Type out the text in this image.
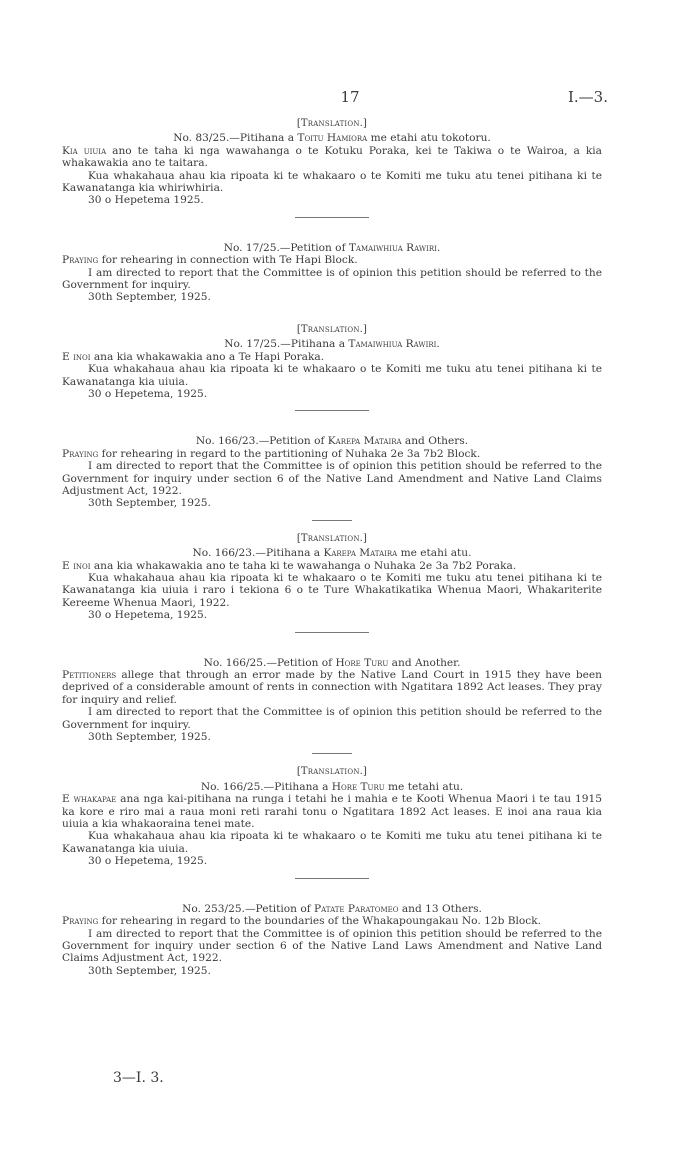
17	I.—3.
[Translation.]
No. 83/25.—Pitihana a Toitu Hamiora me etahi atu tokotoru.
Kia uiuia ano te taha ki nga wawahanga o te Kotuku Poraka, kei te Takiwa o te Wairoa, a kia whakawakia ano te taitara.
Kua whakahaua ahau kia ripoata ki te whakaaro o te Komiti me tuku atu tenei pitihana ki te Kawanatanga kia whiriwhiria.
30 o Hepetema 1925.
No. 17/25.—Petition of Tamaiwhiua Rawiri.
Praying for rehearing in connection with Te Hapi Block.
I am directed to report that the Committee is of opinion this petition should be referred to the Government for inquiry.
30th September, 1925.
[Translation.]
No. 17/25.—Pitihana a Tamaiwhiua Rawiri.
E inoi ana kia whakawakia ano a Te Hapi Poraka.
Kua whakahaua ahau kia ripoata ki te whakaaro o te Komiti me tuku atu tenei pitihana ki te Kawanatanga kia uiuia.
30 o Hepetema, 1925.
No. 166/23.—Petition of Karepa Mataira and Others.
Praying for rehearing in regard to the partitioning of Nuhaka 2e 3a 7b2 Block.
I am directed to report that the Committee is of opinion this petition should be referred to the Government for inquiry under section 6 of the Native Land Amendment and Native Land Claims Adjustment Act, 1922.
30th September, 1925.
[Translation.]
No. 166/23.—Pitihana a Karepa Mataira me etahi atu.
E inoi ana kia whakawakia ano te taha ki te wawahanga o Nuhaka 2e 3a 7b2 Poraka.
Kua whakahaua ahau kia ripoata ki te whakaaro o te Komiti me tuku atu tenei pitihana ki te Kawanatanga kia uiuia i raro i tekiona 6 o te Ture Whakatikatika Whenua Maori, Whakariterite Kereeme Whenua Maori, 1922.
30 o Hepetema, 1925.
No. 166/25.—Petition of Hore Turu and Another.
Petitioners allege that through an error made by the Native Land Court in 1915 they have been deprived of a considerable amount of rents in connection with Ngatitara 1892 Act leases. They pray for inquiry and relief.
I am directed to report that the Committee is of opinion this petition should be referred to the Government for inquiry.
30th September, 1925.
[Translation.]
No. 166/25.—Pitihana a Hore Turu me tetahi atu.
E whakapae ana nga kai-pitihana na runga i tetahi he i mahia e te Kooti Whenua Maori i te tau 1915 ka kore e riro mai a raua moni reti rarahi tonu o Ngatitara 1892 Act leases. E inoi ana raua kia uiuia a kia whakaoraina tenei mate.
Kua whakahaua ahau kia ripoata ki te whakaaro o te Komiti me tuku atu tenei pitihana ki te Kawanatanga kia uiuia.
30 o Hepetema, 1925.
No. 253/25.—Petition of Patate Paratomeo and 13 Others.
Praying for rehearing in regard to the boundaries of the Whakapoungakau No. 12b Block.
I am directed to report that the Committee is of opinion this petition should be referred to the Government for inquiry under section 6 of the Native Land Laws Amendment and Native Land Claims Adjustment Act, 1922.
30th September, 1925.
3—I. 3.
